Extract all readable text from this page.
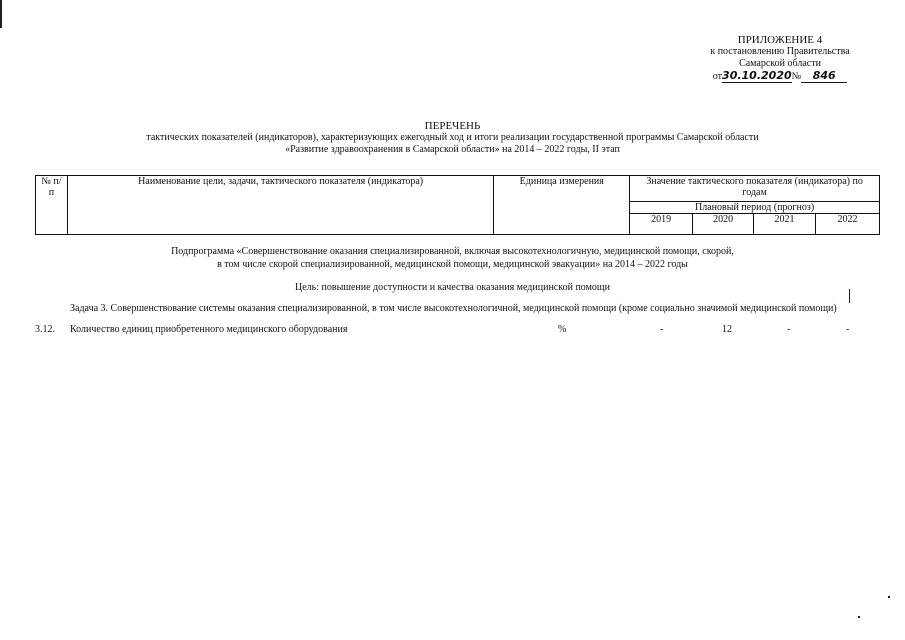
ПРИЛОЖЕНИЕ 4
к постановлению Правительства
Самарской области
от30.10.2020№ 846
ПЕРЕЧЕНЬ
тактических показателей (индикаторов), характеризующих ежегодный ход и итоги реализации государственной программы Самарской области
«Развитие здравоохранения в Самарской области» на 2014 – 2022 годы, II этап
№ п/п	Наименование цели, задачи, тактического показателя (индикатора)	Единица измерения	Значение тактического показателя (индикатора) по годам			
			Плановый период (прогноз)			
			2019	2020	2021	2022
Подпрограмма «Совершенствование оказания специализированной, включая высокотехнологичную, медицинской помощи, скорой,
в том числе скорой специализированной, медицинской помощи, медицинской эвакуации» на 2014 – 2022 годы
Цель: повышение доступности и качества оказания медицинской помощи
Задача 3. Совершенствование системы оказания специализированной, в том числе высокотехнологичной, медицинской помощи (кроме социально значимой медицинской помощи)
3.12. Количество единиц приобретенного медицинского оборудования	%	-	12	-	-
